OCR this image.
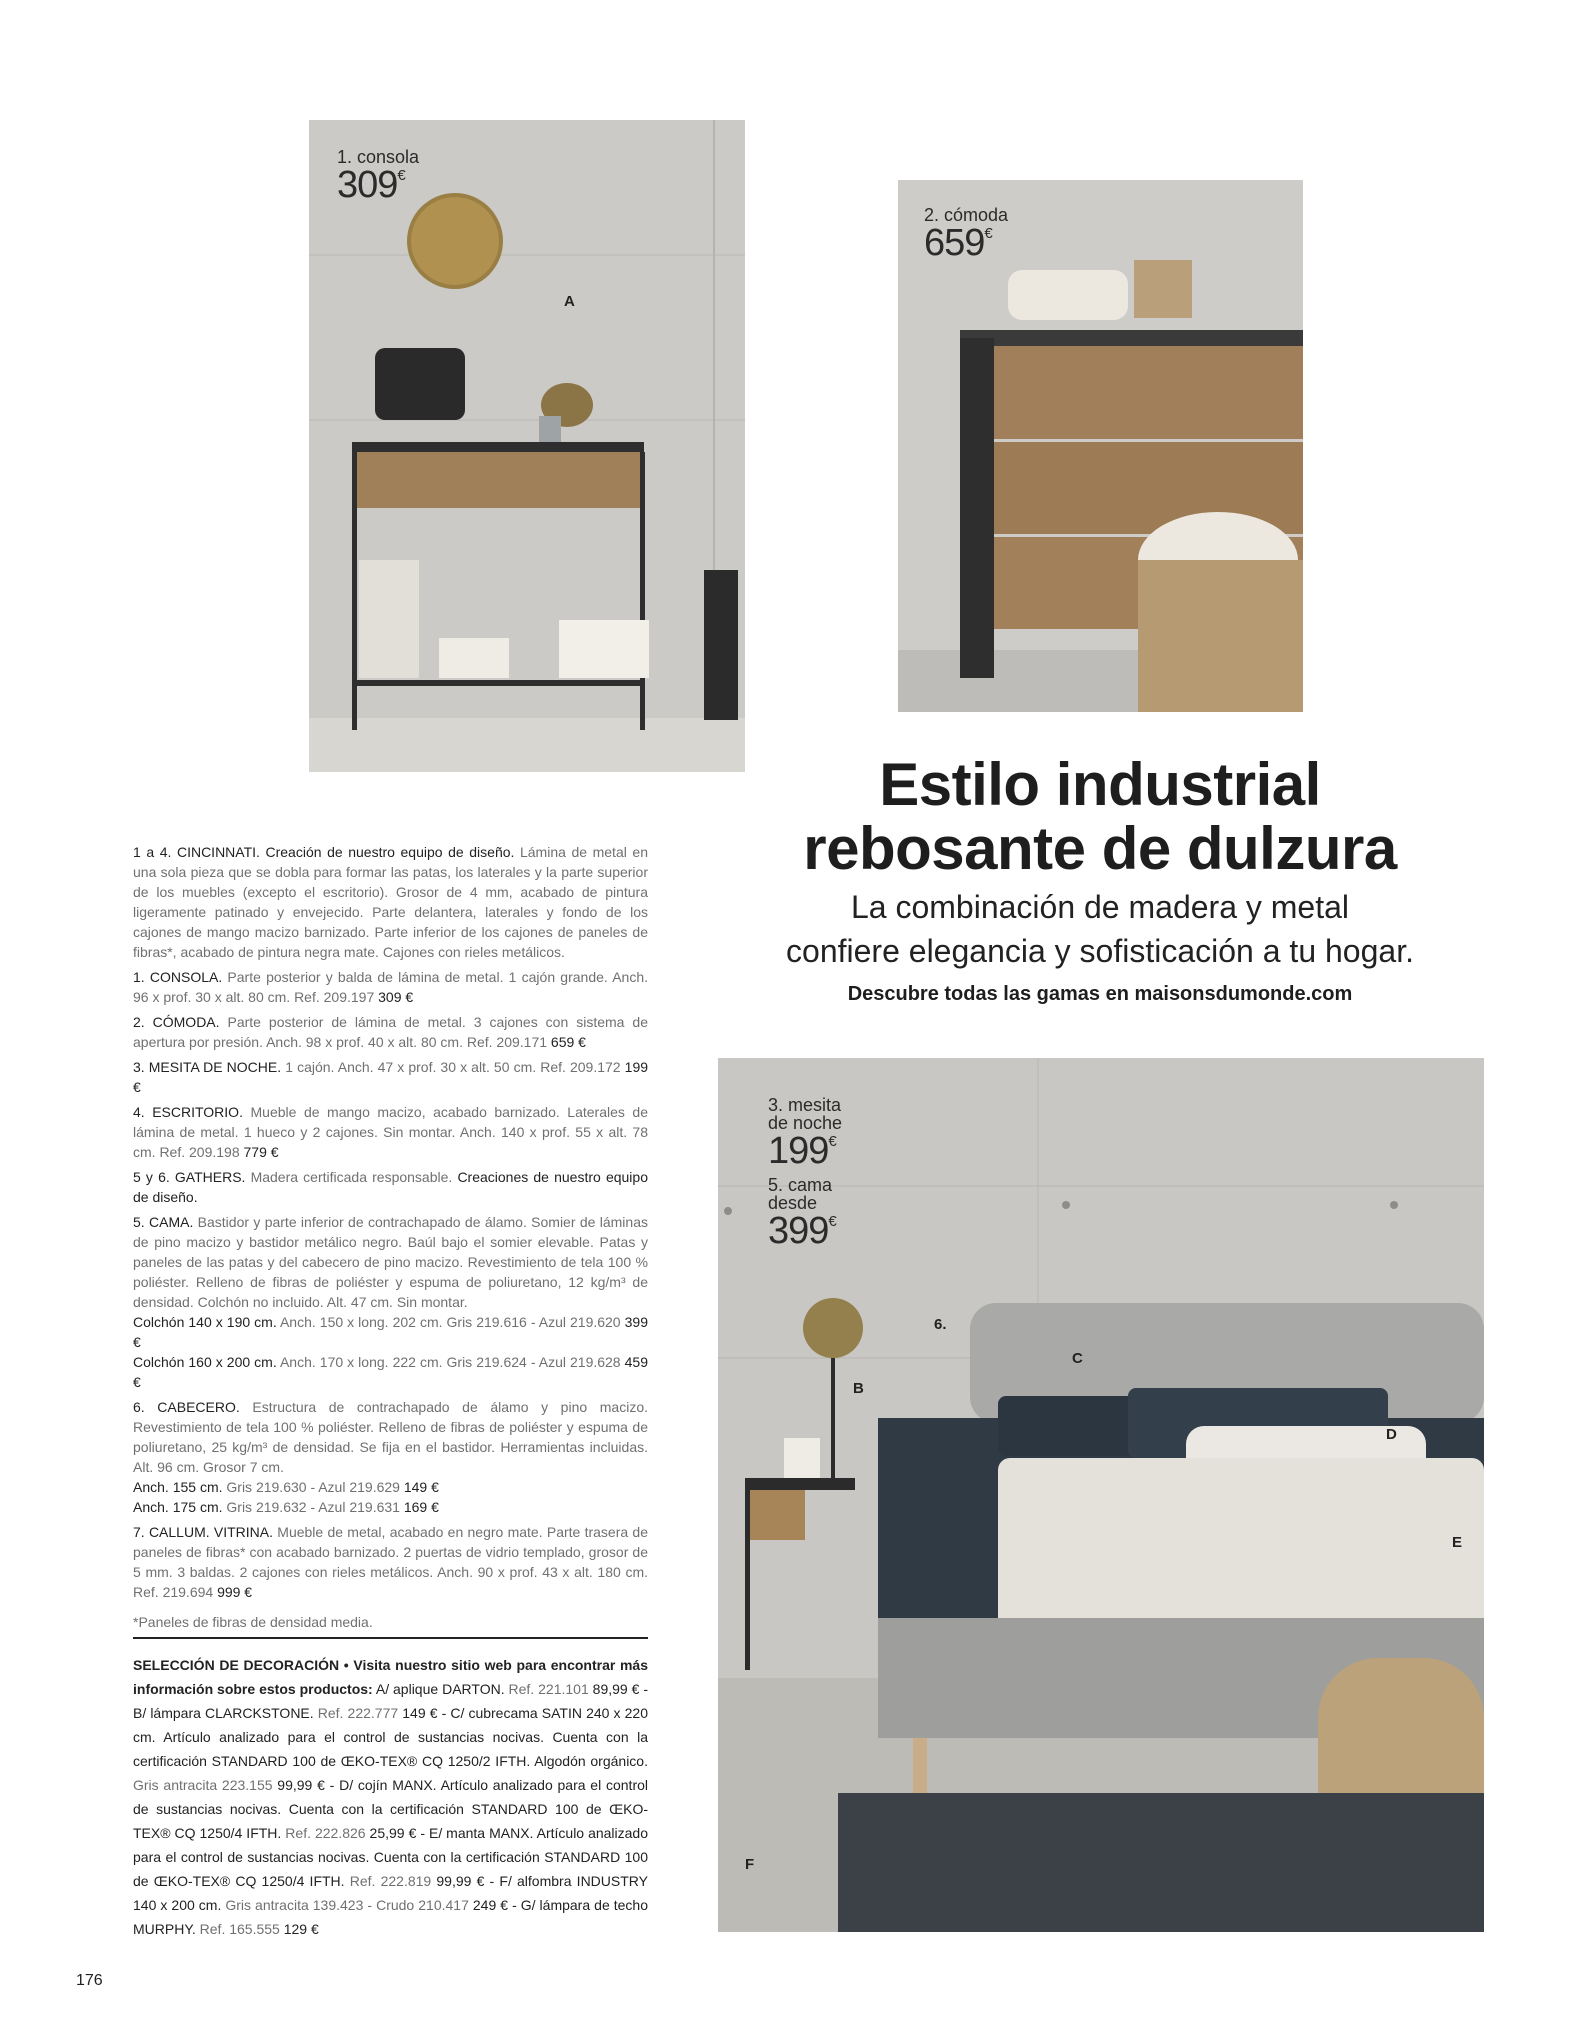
1. consola
309€
A
2. cómoda
659€
Estilo industrial
rebosante de dulzura
La combinación de madera y metal
confiere elegancia y sofisticación a tu hogar.
Descubre todas las gamas en maisonsdumonde.com
3. mesita
de noche
199€
5. cama
desde
399€
6.
B
C
D
E
F

1 a 4. CINCINNATI. Creación de nuestro equipo de diseño. Lámina de metal en una sola pieza que se dobla para formar las patas, los laterales y la parte superior de los muebles (excepto el escritorio). Grosor de 4 mm, acabado de pintura ligeramente patinado y envejecido. Parte delantera, laterales y fondo de los cajones de mango macizo barnizado. Parte inferior de los cajones de paneles de fibras*, acabado de pintura negra mate. Cajones con rieles metálicos.

1. CONSOLA. Parte posterior y balda de lámina de metal. 1 cajón grande. Anch. 96 x prof. 30 x alt. 80 cm. Ref. 209.197 309 €

2. CÓMODA. Parte posterior de lámina de metal. 3 cajones con sistema de apertura por presión. Anch. 98 x prof. 40 x alt. 80 cm. Ref. 209.171 659 €

3. MESITA DE NOCHE. 1 cajón. Anch. 47 x prof. 30 x alt. 50 cm. Ref. 209.172 199 €

4. ESCRITORIO. Mueble de mango macizo, acabado barnizado. Laterales de lámina de metal. 1 hueco y 2 cajones. Sin montar. Anch. 140 x prof. 55 x alt. 78 cm. Ref. 209.198 779 €

5 y 6. GATHERS. Madera certificada responsable. Creaciones de nuestro equipo de diseño.

5. CAMA. Bastidor y parte inferior de contrachapado de álamo. Somier de láminas de pino macizo y bastidor metálico negro. Baúl bajo el somier elevable. Patas y paneles de las patas y del cabecero de pino macizo. Revestimiento de tela 100 % poliéster. Relleno de fibras de poliéster y espuma de poliuretano, 12 kg/m³ de densidad. Colchón no incluido. Alt. 47 cm. Sin montar.
Colchón 140 x 190 cm. Anch. 150 x long. 202 cm. Gris 219.616 - Azul 219.620 399 €
Colchón 160 x 200 cm. Anch. 170 x long. 222 cm. Gris 219.624 - Azul 219.628 459 €

6. CABECERO. Estructura de contrachapado de álamo y pino macizo. Revestimiento de tela 100 % poliéster. Relleno de fibras de poliéster y espuma de poliuretano, 25 kg/m³ de densidad. Se fija en el bastidor. Herramientas incluidas. Alt. 96 cm. Grosor 7 cm.
Anch. 155 cm. Gris 219.630 - Azul 219.629 149 €
Anch. 175 cm. Gris 219.632 - Azul 219.631 169 €

7. CALLUM. VITRINA. Mueble de metal, acabado en negro mate. Parte trasera de paneles de fibras* con acabado barnizado. 2 puertas de vidrio templado, grosor de 5 mm. 3 baldas. 2 cajones con rieles metálicos. Anch. 90 x prof. 43 x alt. 180 cm. Ref. 219.694 999 €

*Paneles de fibras de densidad media.

SELECCIÓN DE DECORACIÓN • Visita nuestro sitio web para encontrar más información sobre estos productos: A/ aplique DARTON. Ref. 221.101 89,99 € - B/ lámpara CLARCKSTONE. Ref. 222.777 149 € - C/ cubrecama SATIN 240 x 220 cm. Artículo analizado para el control de sustancias nocivas. Cuenta con la certificación STANDARD 100 de ŒKO-TEX® CQ 1250/2 IFTH. Algodón orgánico. Gris antracita 223.155 99,99 € - D/ cojín MANX. Artículo analizado para el control de sustancias nocivas. Cuenta con la certificación STANDARD 100 de ŒKO-TEX® CQ 1250/4 IFTH. Ref. 222.826 25,99 € - E/ manta MANX. Artículo analizado para el control de sustancias nocivas. Cuenta con la certificación STANDARD 100 de ŒKO-TEX® CQ 1250/4 IFTH. Ref. 222.819 99,99 € - F/ alfombra INDUSTRY 140 x 200 cm. Gris antracita 139.423 - Crudo 210.417 249 € - G/ lámpara de techo MURPHY. Ref. 165.555 129 €
176
